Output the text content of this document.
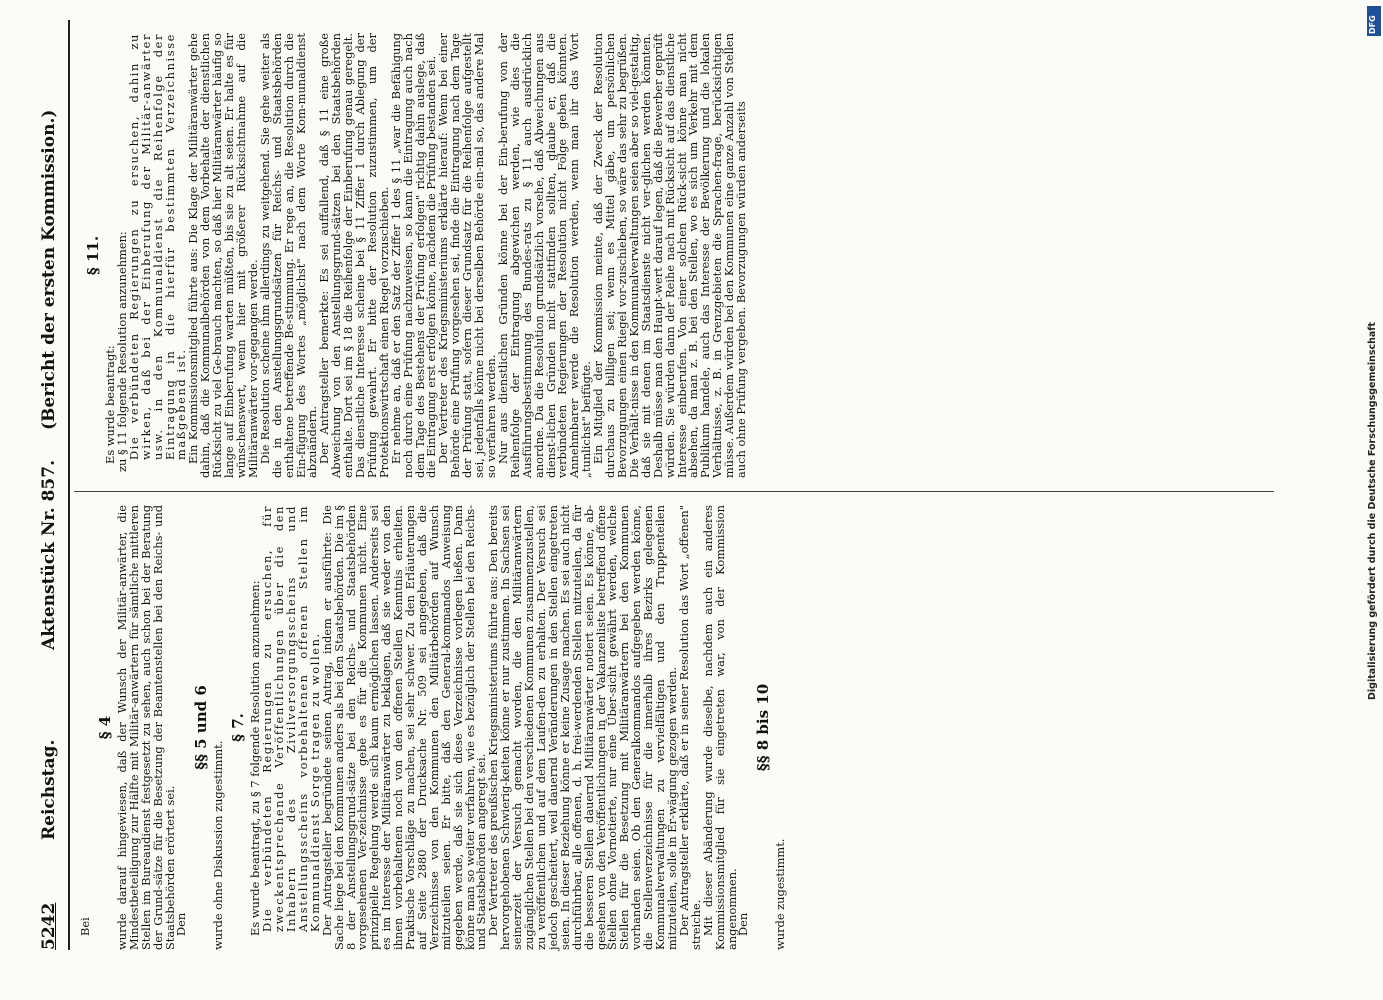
5242
Reichstag.
Aktenstück Nr. 857.
(Bericht der ersten Kommission.)

Bei

§ 4 wurde darauf hingewiesen, daß der Wunsch der Militär-anwärter, die Mindestbeteiligung zur Hälfte mit Militär-anwärtern für sämtliche mittleren Stellen im Bureaudienst festgesetzt zu sehen, auch schon bei der Beratung der Grund-sätze für die Besetzung der Beamtenstellen bei den Reichs- und Staatsbehörden erörtert sei.

Den

§§ 5 und 6

wurde ohne Diskussion zugestimmt.

§ 7. Es wurde beantragt, zu § 7 folgende Resolution anzunehmen:

Die verbündeten Regierungen zu ersuchen, für zweckentsprechende Veröffentlichungen über die den Inhabern des Zivilversorgungsscheins und Anstellungsscheins vorbehaltenen offenen Stellen im Kommunaldienst Sorge tragen zu wollen.

Der Antragsteller begründete seinen Antrag, indem er ausführte: Die Sache liege bei den Kommunen anders als bei den Staatsbehörden. Die im § 8 der Anstellungsgrund-sätze bei den Reichs- und Staatsbehörden vorgesehenen Ver-zeichnisse gebe es für die Kommunen nicht. Eine prinzipielle Regelung werde sich kaum ermöglichen lassen. Anderseits sei es im Interesse der Militäranwärter zu beklagen, daß sie weder von den ihnen vorbehaltenen noch von den offenen Stellen Kenntnis erhielten. Praktische Vorschläge zu machen, sei sehr schwer. Zu den Erläuterungen auf Seite 2880 der Drucksache Nr. 509 sei angegeben, daß die Verzeichnisse von den Kommunen den Militärbehörden auf Wunsch mitzuteilen seien. Er bitte, daß den General-kommandos Anweisung gegeben werde, daß sie sich diese Verzeichnisse vorlegen ließen. Dann könne man so weiter verfahren, wie es bezüglich der Stellen bei den Reichs- und Staatsbehörden angeregt sei.

Der Vertreter des preußischen Kriegsministeriums führte aus: Den bereits hervorgehobenen Schwierig-keiten könne er nur zustimmen. In Sachsen sei seinerzeit der Versuch gemacht worden, die den Militäranwärtern zugänglichen Stellen bei den verschiedenen Kommunen zusammenzustellen, zu veröffentlichen und auf dem Laufen-den zu erhalten. Der Versuch sei jedoch gescheitert, weil dauernd Veränderungen in den Stellen eingetreten seien. In dieser Beziehung könne er keine Zusage machen. Es sei auch nicht durchführbar, alle offenen, d. h. frei-werdenden Stellen mitzuteilen, da für die besseren Stellen dauernd Militäranwärter notiert seien. Es könne, ab-gesehen von den Veröffentlichungen in der Vakanzenliste betreffend offene Stellen ohne Vornotierte, nur eine Über-sicht gewährt werden, welche Stellen für die Besetzung mit Militäranwärtern bei den Kommunen vorhanden seien. Ob den Generalkommandos aufgegeben werden könne, die Stellenverzeichnisse für die innerhalb ihres Bezirks gelegenen Kommunalverwaltungen zu vervielfältigen und den Truppenteilen mitzuteilen, solle in Er-wägung gezogen werden.

Der Antragsteller erklärte, daß er in seiner Resolution das Wort „offenen" streiche.

Mit dieser Abänderung wurde dieselbe, nachdem auch ein anderes Kommissionsmitglied für sie eingetreten war, von der Kommission angenommen.

Den

§§ 8 bis 10

wurde zugestimmt.

§ 11.

Es wurde beantragt:

zu § 11 folgende Resolution anzunehmen:

Die verbündeten Regierungen zu ersuchen, dahin zu wirken, daß bei der Einberufung der Militär-anwärter usw. in den Kommunaldienst die Reihenfolge der Eintragung in die hierfür bestimmten Verzeichnisse maßgebend ist.

Ein Kommissionsmitglied führte aus: Die Klage der Militäranwärter gehe dahin, daß die Kommunalbehörden von dem Vorbehalte der dienstlichen Rücksicht zu viel Ge-brauch machten, so daß hier Militäranwärter häufig so lange auf Einberufung warten müßten, bis sie zu alt seien. Er halte es für wünschenswert, wenn hier mit größerer Rücksichtnahme auf die Militäranwärter vor-gegangen werde.

Die Resolution scheine ihm allerdings zu weitgehend. Sie gehe weiter als die in den Anstellungsgrundsätzen für Reichs- und Staatsbehörden enthaltene betreffende Be-stimmung. Er rege an, die Resolution durch die Ein-fügung des Wortes „möglichst" nach dem Worte Kom-munaldienst abzuändern.

Der Antragsteller bemerkte: Es sei auffallend, daß § 11 eine große Abweichung von den Anstellungsgrund-sätzen bei den Staatsbehörden enthalte. Dort sei im § 18 die Reihenfolge der Einberufung genau geregelt. Das dienstliche Interesse scheine bei § 11 Ziffer 1 durch Ablegung der Prüfung gewahrt. Er bitte der Resolution zuzustimmen, um der Protektionswirtschaft einen Riegel vorzuschieben.

Er nehme an, daß er den Satz der Ziffer 1 des § 11 „war die Befähigung noch durch eine Prüfung nachzuweisen, so kann die Eintragung auch nach dem Tage des Bestehens der Prüfung erfolgen" richtig dahin auslege, daß die Eintragung erst erfolgen könne, nachdem die Prüfung bestanden sei.

Der Vertreter des Kriegsministeriums erklärte hierauf: Wenn bei einer Behörde eine Prüfung vorgesehen sei, finde die Eintragung nach dem Tage der Prüfung statt, sofern dieser Grundsatz für die Reihenfolge aufgestellt sei, jedenfalls könne nicht bei derselben Behörde ein-mal so, das andere Mal so verfahren werden.

Nur aus dienstlichen Gründen könne bei der Ein-berufung von der Reihenfolge der Eintragung abgewichen werden, wie dies die Ausführungsbestimmung des Bundes-rats zu § 11 auch ausdrücklich anordne. Da die Resolution grundsätzlich vorsehe, daß Abweichungen aus dienst-lichen Gründen nicht stattfinden sollten, glaube er, daß die verbündeten Regierungen der Resolution nicht Folge geben könnten. Annehmbarer werde die Resolution werden, wenn man ihr das Wort „tunlichst" beifügte.

Ein Mitglied der Kommission meinte, daß der Zweck der Resolution durchaus zu billigen sei; wenn es Mittel gäbe, um persönlichen Bevorzugungen einen Riegel vor-zuschieben, so wäre das sehr zu begrüßen. Die Verhält-nisse in den Kommunalverwaltungen seien aber so viel-gestaltig, daß sie mit denen im Staatsdienste nicht ver-glichen werden könnten. Deshalb müsse man den Haupt-wert darauf legen, daß die Bewerber geprüft würden. Sie würden dann der Reihe nach mit Rücksicht auf das dienstliche Interesse einberufen. Von einer solchen Rück-sicht könne man nicht absehen, da man z. B. bei den Stellen, wo es sich um Verkehr mit dem Publikum handele, auch das Interesse der Bevölkerung und die lokalen Verhältnisse, z. B. in Grenzgebieten die Sprachen-frage, berücksichtigen müsse. Außerdem würden bei den Kommunen eine ganze Anzahl von Stellen auch ohne Prüfung vergeben. Bevorzugungen würden anderseits

DFG
Digitalisierung gefördert durch die Deutsche Forschungsgemeinschaft
